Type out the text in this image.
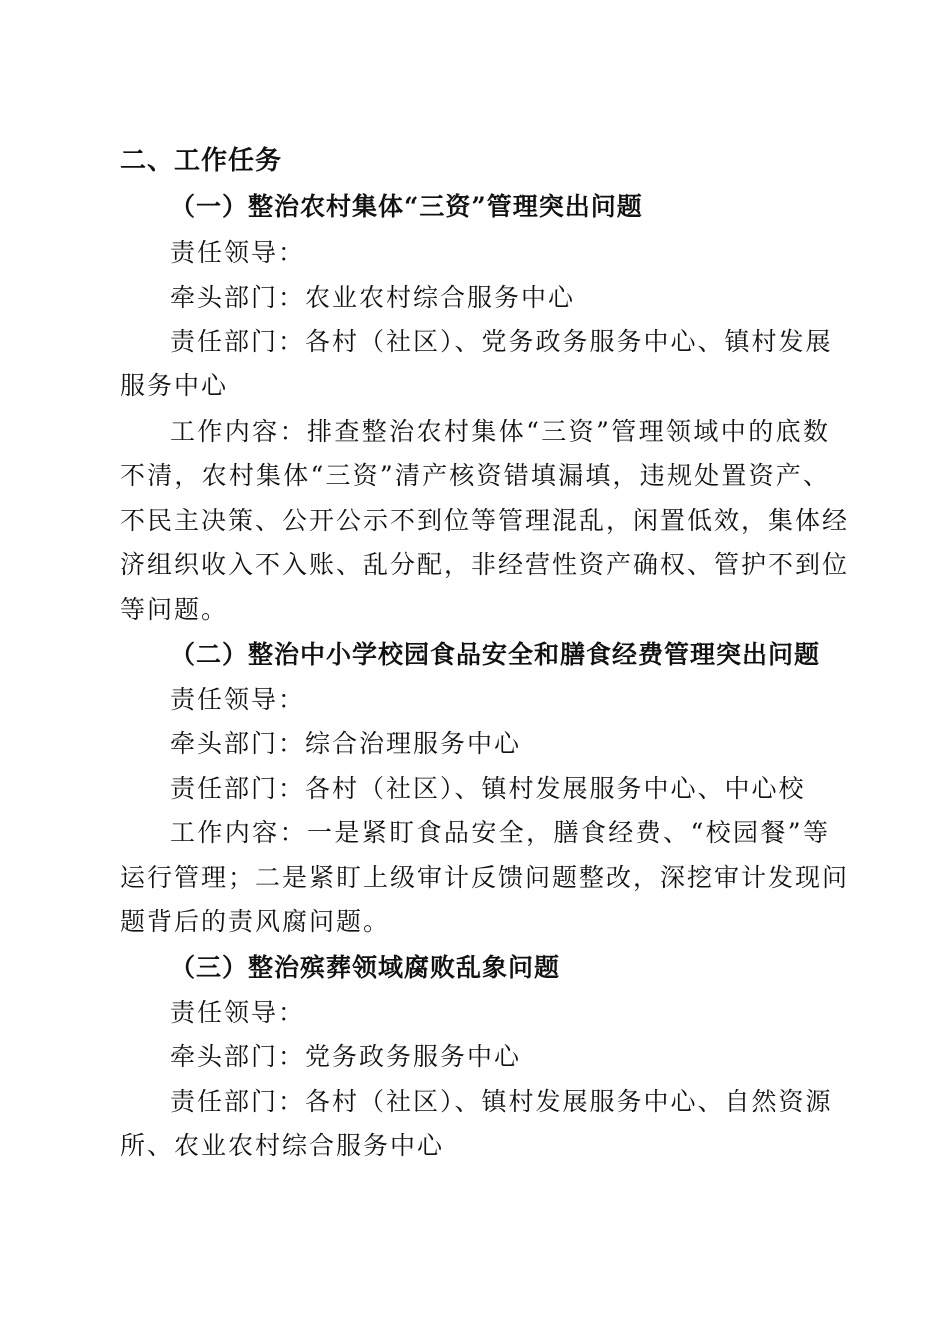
二、工作任务
（一）整治农村集体“三资”管理突出问题
责任领导：
牵头部门：农业农村综合服务中心
责任部门：各村（社区）、党务政务服务中心、镇村发展
服务中心
工作内容：排查整治农村集体“三资”管理领域中的底数
不清，农村集体“三资”清产核资错填漏填，违规处置资产、
不民主决策、公开公示不到位等管理混乱，闲置低效，集体经
济组织收入不入账、乱分配，非经营性资产确权、管护不到位
等问题。
（二）整治中小学校园食品安全和膳食经费管理突出问题
责任领导：
牵头部门：综合治理服务中心
责任部门：各村（社区）、镇村发展服务中心、中心校
工作内容：一是紧盯食品安全，膳食经费、“校园餐”等
运行管理；二是紧盯上级审计反馈问题整改，深挖审计发现问
题背后的责风腐问题。
（三）整治殡葬领域腐败乱象问题
责任领导：
牵头部门：党务政务服务中心
责任部门：各村（社区）、镇村发展服务中心、自然资源
所、农业农村综合服务中心
